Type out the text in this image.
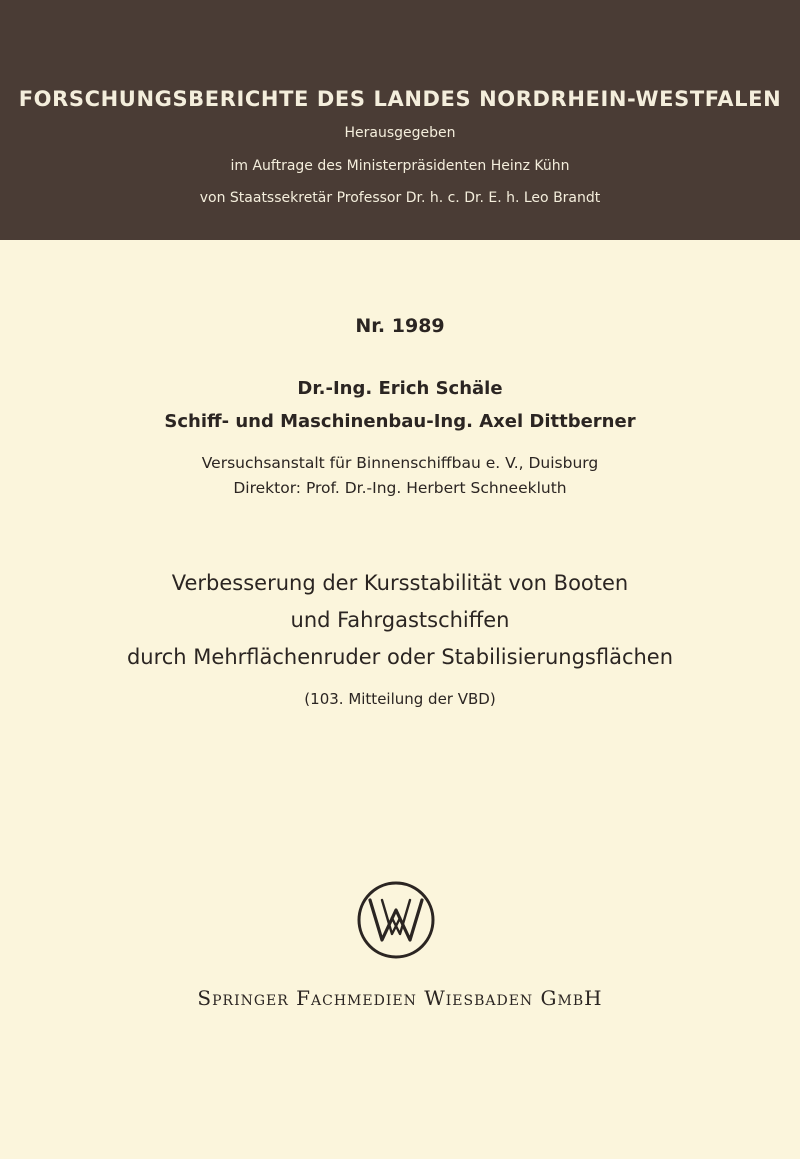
FORSCHUNGSBERICHTE DES LANDES NORDRHEIN-WESTFALEN
Herausgegeben
im Auftrage des Ministerpräsidenten Heinz Kühn
von Staatssekretär Professor Dr. h. c. Dr. E. h. Leo Brandt
Nr. 1989
Dr.-Ing. Erich Schäle
Schiff- und Maschinenbau-Ing. Axel Dittberner
Versuchsanstalt für Binnenschiffbau e. V., Duisburg
Direktor: Prof. Dr.-Ing. Herbert Schneekluth
Verbesserung der Kursstabilität von Booten
und Fahrgastschiffen
durch Mehrflächenruder oder Stabilisierungsflächen
(103. Mitteilung der VBD)
Springer Fachmedien Wiesbaden GmbH
